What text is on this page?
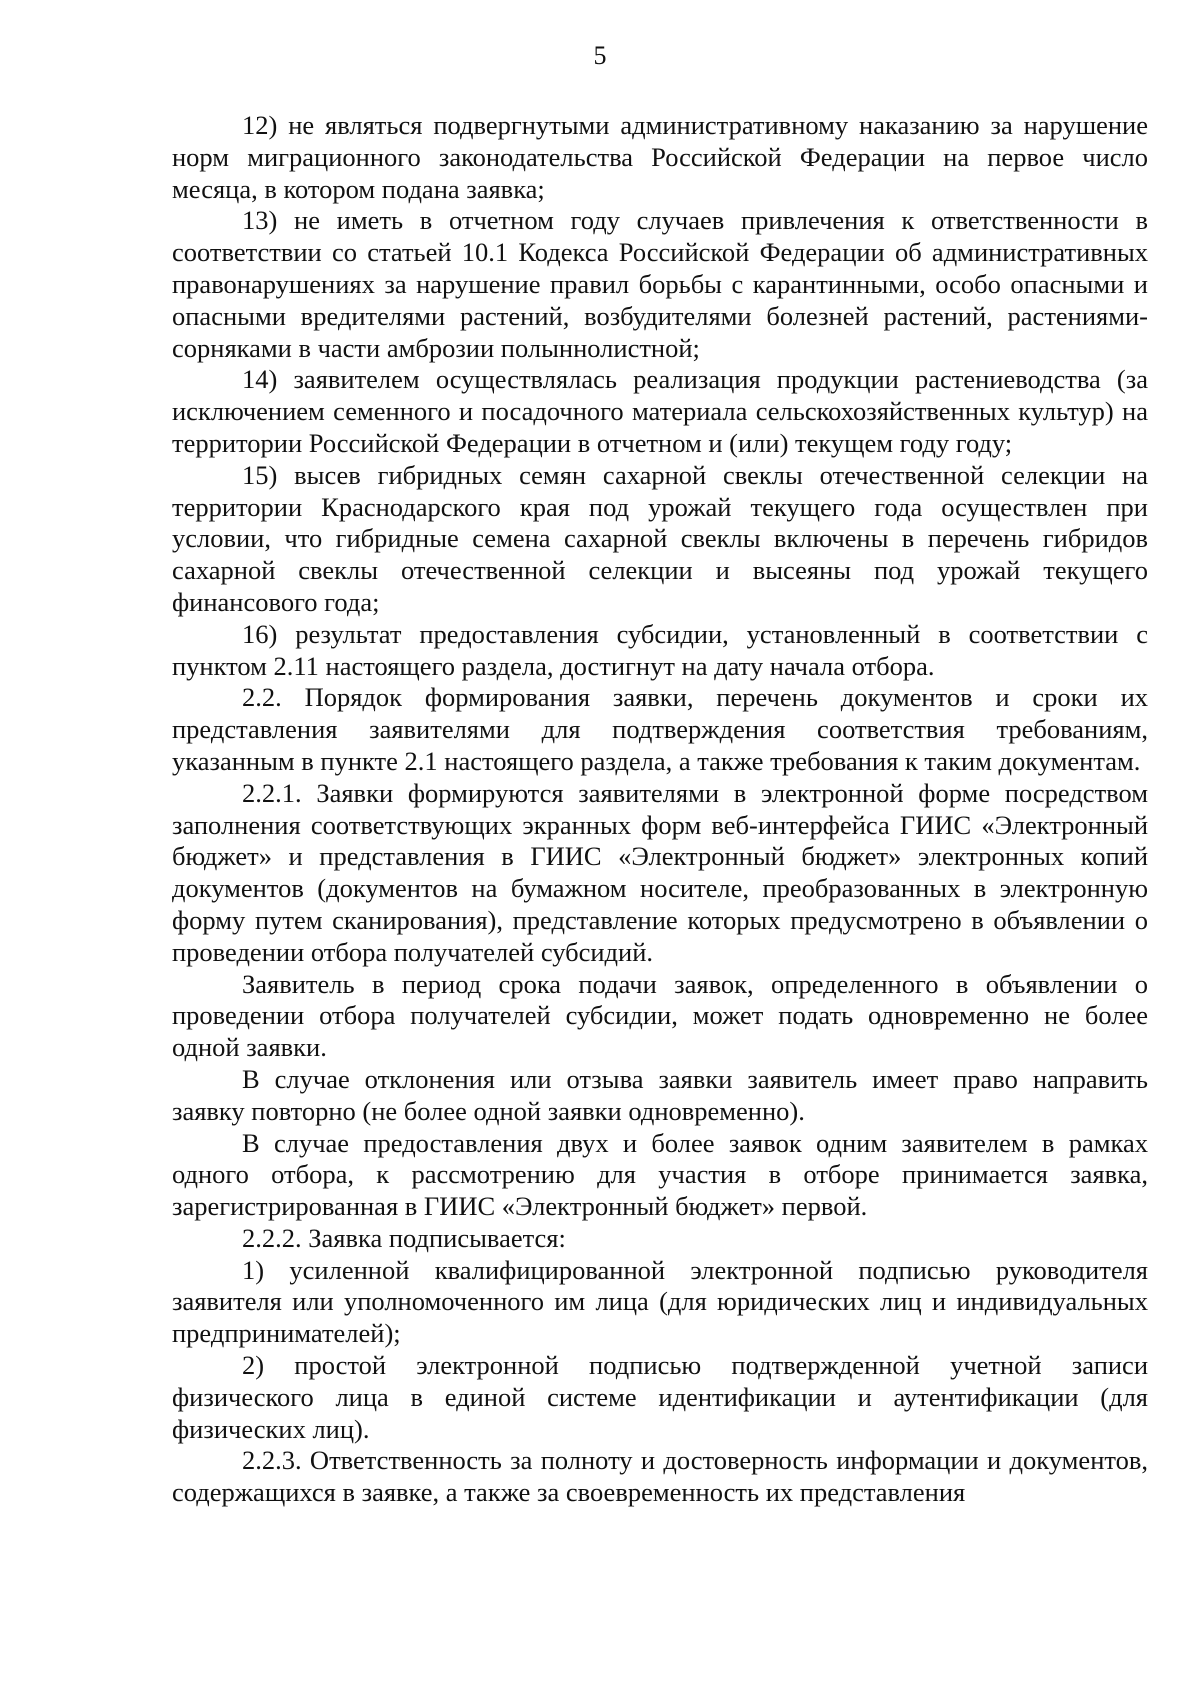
5

12) не являться подвергнутыми административному наказанию за нарушение норм миграционного законодательства Российской Федерации на первое число месяца, в котором подана заявка;

13) не иметь в отчетном году случаев привлечения к ответственности в соответствии со статьей 10.1 Кодекса Российской Федерации об административных правонарушениях за нарушение правил борьбы с карантинными, особо опасными и опасными вредителями растений, возбудителями болезней растений, растениями-сорняками в части амброзии полыннолистной;

14) заявителем осуществлялась реализация продукции растениеводства (за исключением семенного и посадочного материала сельскохозяйственных культур) на территории Российской Федерации в отчетном и (или) текущем году году;

15) высев гибридных семян сахарной свеклы отечественной селекции на территории Краснодарского края под урожай текущего года осуществлен при условии, что гибридные семена сахарной свеклы включены в перечень гибридов сахарной свеклы отечественной селекции и высеяны под урожай текущего финансового года;

16) результат предоставления субсидии, установленный в соответствии с пунктом 2.11 настоящего раздела, достигнут на дату начала отбора.

2.2. Порядок формирования заявки, перечень документов и сроки их представления заявителями для подтверждения соответствия требованиям, указанным в пункте 2.1 настоящего раздела, а также требования к таким документам.

2.2.1. Заявки формируются заявителями в электронной форме посредством заполнения соответствующих экранных форм веб-интерфейса ГИИС «Электронный бюджет» и представления в ГИИС «Электронный бюджет» электронных копий документов (документов на бумажном носителе, преобразованных в электронную форму путем сканирования), представление которых предусмотрено в объявлении о проведении отбора получателей субсидий.

Заявитель в период срока подачи заявок, определенного в объявлении о проведении отбора получателей субсидии, может подать одновременно не более одной заявки.

В случае отклонения или отзыва заявки заявитель имеет право направить заявку повторно (не более одной заявки одновременно).

В случае предоставления двух и более заявок одним заявителем в рамках одного отбора, к рассмотрению для участия в отборе принимается заявка, зарегистрированная в ГИИС «Электронный бюджет» первой.

2.2.2. Заявка подписывается:

1) усиленной квалифицированной электронной подписью руководителя заявителя или уполномоченного им лица (для юридических лиц и индивидуальных предпринимателей);

2) простой электронной подписью подтвержденной учетной записи физического лица в единой системе идентификации и аутентификации (для физических лиц).

2.2.3. Ответственность за полноту и достоверность информации и документов, содержащихся в заявке, а также за своевременность их представления
